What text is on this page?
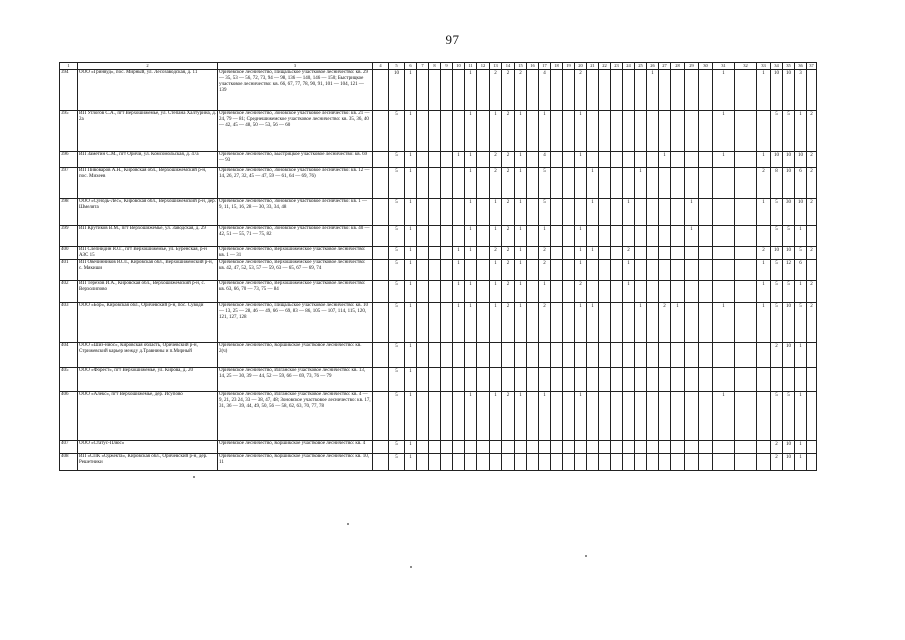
97
1	2	3	4	5	6	7	8	9	10	11	12	13	14	15	16	17	18	19	20	21	22	23	24	25	26	27	28	29	30	31	32	33	34	35	36	37	
394	ООО «Гринвуд», пос. Мирный, ул. Лесозаводская, д. 11	Оричевское лесничество, Пищальское участковое лесничество: кв. 29 — 35, 53 — 56, 72, 73, 94 — 98, 136 — 140, 146 — 150; Быстрицкое участковое лесничество: кв. 66, 67, 77, 78, 90, 91, 101 — 104, 121 — 139		10	1					1		2	2	2		4			2						1					1		1	10	10	3				
395	ИП Углогов С.А., пгт Верхошижемье, ул. Степана Халтурина, д. 2а	Оричевское лесничество, Зоновское участковое лесничество: кв. 21 — 24, 79 — 81; Среднешижемское участковое лесничество: кв. 35, 36, 40 — 42, 45 — 48, 50 — 53, 56 — 60		5	1					1		1	2	1		1			1											1			5	5	1	2			
396	ИП Заметин С.М., пгт Оричи, ул. Комсомольская, д. 47а	Оричевское лесничество, Быстрицкое участковое лесничество: кв. 69 — 93		5	1				1	1		2	2	1		4			1							1				1		1	10	10	10	2			
397	ИП Пивоваров А.Н., Кировская обл., Верхошижемский р-н, пос. Михеев	Оричевское лесничество, Зоновское участковое лесничество: кв. 12 — 14, 26, 27, 32, 45 — 47, 59 — 61, 64 — 69, 76)		5	1					1		2	2	1		5				1				1								2	8	10	6	2			
398	ООО «Сунодь-Лес», Кировская обл., Верхошижемский р-н, дер. Шмелята	Оричевское лесничество, Зоновское участковое лесничество: кв. 1 — 9, 11, 15, 16, 28 — 30, 33, 34, 48		5	1					1		1	2	1		5				1			1					1				1	5	30	10	2			
399	ИП Крутиков В.М., пгт Верхошижемье, ул. Заводская, д. 29	Оричевское лесничество, Зоновское участковое лесничество: кв. 40 — 42, 51 — 55, 71 — 75, 82		5	1					1		1	2	1		1			1									1					5	5	1				
400	ИП Слепнидин Ю.Г., пгт Верхошижемье, ул. Буренская, р-н АЗС 15	Оричевское лесничество, Верхошижемское участковое лесничество: кв. 1 — 31		5	1				1	1		2	2	1		2			1	1			2									2	10	10	5	2			
401	ИП Овечинников Ю.Л., Кировская обл., Верхошижемский р-н, с. Мякиши	Оричевское лесничество, Верхошижемское участковое лесничество: кв. 42, 47, 52, 53, 57 — 59, 63 — 65, 67 — 69, 74		5	1				1			1	2	1		2			1				1									1	5	12	6				
402	ИП Терехов И.А., Кировская обл., Верхошижемский р-н, с. Верхолипово	Оричевское лесничество, Верхошижемское участковое лесничество: кв. 63, 66, 70 — 73, 75 — 84		5	1				1	1		1	2	1		1			2				1									1	5	5	1	2			
403	ООО «Бор», Кировская обл., Оричевский р-н, пос. Суводи	Оричевское лесничество, Пищальское участковое лесничество: кв. 10 — 13, 25 — 28, 46 — 49, 66 — 69, 83 — 86, 105 — 107, 114, 115, 120, 121, 127, 128		5	1				1	1		1	2	1		2			1	1				1		2	1			1		1	5	10	5	2			
404	ООО «Шиз-ниос», Кировская область, Оричевский р-н, Стрижевский карьер между д.Травнины и п.Мирный	Оричевское лесничество, Коршикское участковое лесничество: кв. 2(ч)		5	1																												2	10	1				
405	ООО «Форест», пгт Верхошижемье, ул. Кирова, д. 20	Оричевское лесничество, Илганское участковое лесничество: кв. 13, 14, 25 — 30, 39 — 44, 52 — 59, 66 — 69, 73, 76 — 79		5	1																																		
406	ООО «Алекс», пгт Верхошижемье, дер. Исупово	Оричевское лесничество, Илганское участковое лесничество: кв. 4 — 9, 21, 23 24, 33 — 38, 47, 48; Зоновское участковое лесничество: кв. 17, 31, 36 — 39, 44, 49, 50, 56 — 58, 62, 63, 70, 77, 78		5	1					1		1	2	1		1			1											1			5	5	1				
407	ООО «Статус-Плюс»	Оричевское лесничество, Коршикское участковое лесничество: кв. 4		5	1																												2	10	1				
408	ИП «СПК «Оджекта», Кировская обл., Оричевский р-н, дер. Решетники	Оричевское лесничество, Коршикское участковое лесничество: кв. 10, 11		5	1																												2	10	1				
